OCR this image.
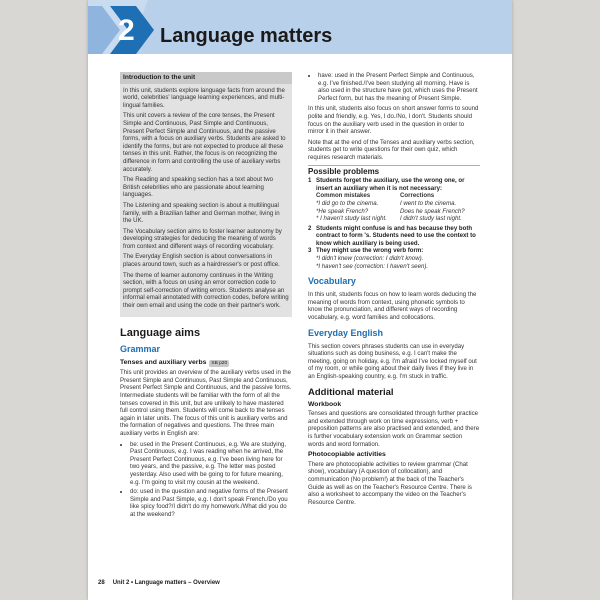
2 Language matters
Introduction to the unit

In this unit, students explore language facts from around the world, celebrities' language learning experiences, and multi-lingual families.

This unit covers a review of the core tenses, the Present Simple and Continuous, Past Simple and Continuous, Present Perfect Simple and Continuous, and the passive forms, with a focus on auxiliary verbs. Students are asked to identify the forms, but are not expected to produce all these tenses in this unit. Rather, the focus is on recognizing the difference in form and controlling the use of auxiliary verbs accurately.

The Reading and speaking section has a text about two British celebrities who are passionate about learning languages.

The Listening and speaking section is about a multilingual family, with a Brazilian father and German mother, living in the UK.

The Vocabulary section aims to foster learner autonomy by developing strategies for deducing the meaning of words from context and different ways of recording vocabulary.

The Everyday English section is about conversations in places around town, such as a hairdresser's or post office.

The theme of learner autonomy continues in the Writing section, with a focus on using an error correction code to prompt self-correction of writing errors. Students analyse an informal email annotated with correction codes, before writing their own email and using the code on their partner's work.

Language aims
Grammar
Tenses and auxiliary verbs SB p20

This unit provides an overview of the auxiliary verbs used in the Present Simple and Continuous, Past Simple and Continuous, Present Perfect Simple and Continuous, and the passive forms. Intermediate students will be familiar with the form of all the tenses covered in this unit, but are unlikely to have mastered full control using them. Students will come back to the tenses again in later units. The focus of this unit is auxiliary verbs and the formation of negatives and questions. The three main auxiliary verbs in English are:

• be: used in the Present Continuous, e.g. We are studying, Past Continuous, e.g. I was reading when he arrived, the Present Perfect Continuous, e.g. I've been living here for two years, and the passive, e.g. The letter was posted yesterday. Also used with be going to for future meaning, e.g. I'm going to visit my cousin at the weekend.
• do: used in the question and negative forms of the Present Simple and Past Simple, e.g. I don't speak French./Do you like spicy food?/I didn't do my homework./What did you do at the weekend?
• have: used in the Present Perfect Simple and Continuous, e.g. I've finished./I've been studying all morning. Have is also used in the structure have got, which uses the Present Perfect form, but has the meaning of Present Simple.

In this unit, students also focus on short answer forms to sound polite and friendly, e.g. Yes, I do./No, I don't. Students should focus on the auxiliary verb used in the question in order to mirror it in their answer.

Note that at the end of the Tenses and auxiliary verbs section, students get to write questions for their own quiz, which requires research materials.

Possible problems
1 Students forget the auxiliary, use the wrong one, or insert an auxiliary when it is not necessary:
Common mistakes	Corrections
*I did go to the cinema.	I went to the cinema.
*He speak French?	Does he speak French?
* I haven't study last night.	I didn't study last night.
2 Students might confuse is and has because they both contract to form 's. Students need to use the context to know which auxiliary is being used.
3 They might use the wrong verb form:
*I didn't knew (correction: I didn't know).
*I haven't see (correction: I haven't seen).
Vocabulary

In this unit, students focus on how to learn words deducing the meaning of words from context, using phonetic symbols to know the pronunciation, and different ways of recording vocabulary, e.g. word families and collocations.

Everyday English

This section covers phrases students can use in everyday situations such as doing business, e.g. I can't make the meeting, going on holiday, e.g. I'm afraid I've locked myself out of my room, or while going about their daily lives if they live in an English-speaking country, e.g. I'm stuck in traffic.

Additional material
Workbook

Tenses and questions are consolidated through further practice and extended through work on time expressions, verb + preposition patterns are also practised and extended, and there is further vocabulary extension work on Grammar section words and word formation.

Photocopiable activities

There are photocopiable activities to review grammar (Chat show), vocabulary (A question of collocation), and communication (No problem!) at the back of the Teacher's Guide as well as on the Teacher's Resource Centre. There is also a worksheet to accompany the video on the Teacher's Resource Centre.

28 Unit 2 • Language matters – Overview
